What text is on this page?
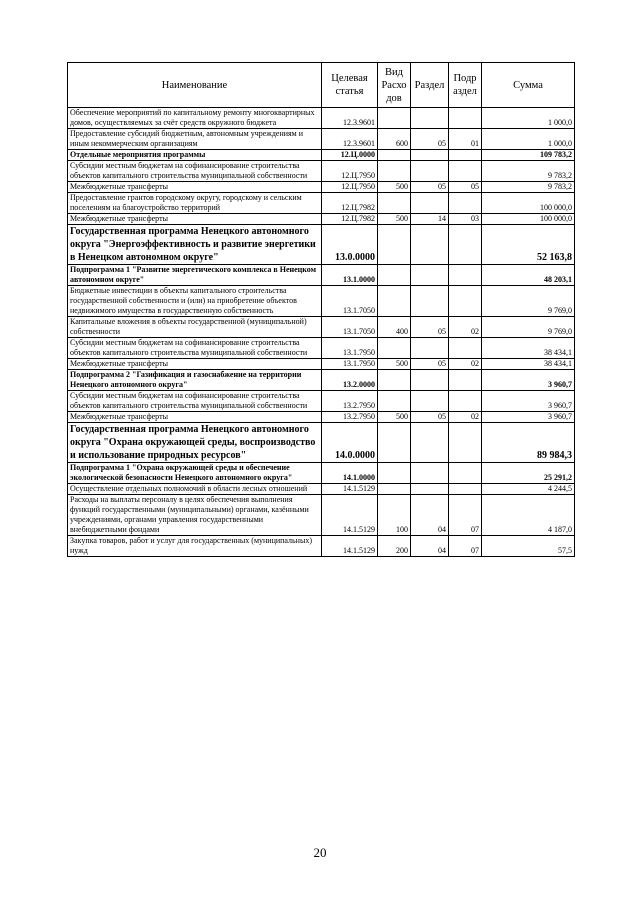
Наименование	Целевая статья	Вид Расхо дов	Раздел	Подр аздел	Сумма
Обеспечение мероприятий по капитальному ремонту многоквартирных домов, осуществляемых за счёт средств окружного бюджета	12.3.9601				1 000,0
Предоставление субсидий бюджетным, автономным учреждениям и иным некоммерческим организациям	12.3.9601	600	05	01	1 000,0
Отдельные мероприятия программы	12.Ц.0000				109 783,2
Субсидии местным бюджетам на софинансирование строительства объектов капитального строительства муниципальной собственности	12.Ц.7950				9 783,2
Межбюджетные трансферты	12.Ц.7950	500	05	05	9 783,2
Предоставление грантов городскому округу, городскому и сельским поселениям на благоустройство территорий	12.Ц.7982				100 000,0
Межбюджетные трансферты	12.Ц.7982	500	14	03	100 000,0
Государственная программа Ненецкого автономного округа "Энергоэффективность и развитие энергетики в Ненецком автономном округе"	13.0.0000				52 163,8
Подпрограмма 1 "Развитие энергетического комплекса в Ненецком автономном округе"	13.1.0000				48 203,1
Бюджетные инвестиции в объекты капитального строительства государственной собственности и (или) на приобретение объектов недвижимого имущества в государственную собственность	13.1.7050				9 769,0
Капитальные вложения в объекты государственной (муниципальной) собственности	13.1.7050	400	05	02	9 769,0
Субсидии местным бюджетам на софинансирование строительства объектов капитального строительства муниципальной собственности	13.1.7950				38 434,1
Межбюджетные трансферты	13.1.7950	500	05	02	38 434,1
Подпрограмма 2 "Газификация и газоснабжение на территории Ненецкого автономного округа"	13.2.0000				3 960,7
Субсидии местным бюджетам на софинансирование строительства объектов капитального строительства муниципальной собственности	13.2.7950				3 960,7
Межбюджетные трансферты	13.2.7950	500	05	02	3 960,7
Государственная программа Ненецкого автономного округа "Охрана окружающей среды, воспроизводство и использование природных ресурсов"	14.0.0000				89 984,3
Подпрограмма 1 "Охрана окружающей среды и обеспечение экологической безопасности Ненецкого автономного округа"	14.1.0000				25 291,2
Осуществление отдельных полномочий в области лесных отношений	14.1.5129				4 244,5
Расходы на выплаты персоналу в целях обеспечения выполнения функций государственными (муниципальными) органами, казёнными учреждениями, органами управления государственными внебюджетными фондами	14.1.5129	100	04	07	4 187,0
Закупка товаров, работ и услуг для государственных (муниципальных) нужд	14.1.5129	200	04	07	57,5
20
